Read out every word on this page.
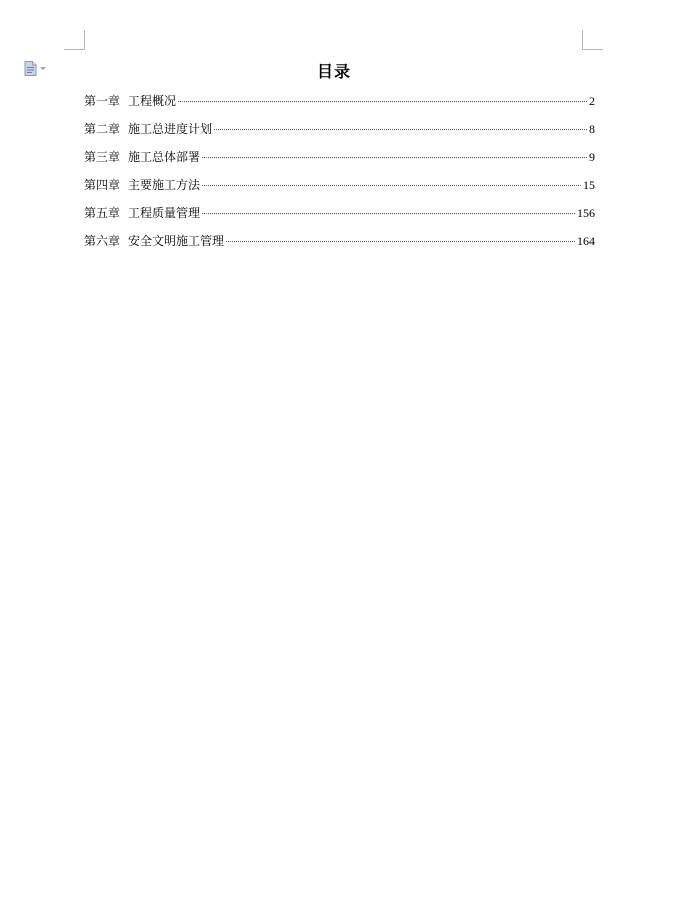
目录
第一章 工程概况	2
第二章 施工总进度计划	8
第三章 施工总体部署	9
第四章 主要施工方法	15
第五章 工程质量管理	156
第六章 安全文明施工管理	164
